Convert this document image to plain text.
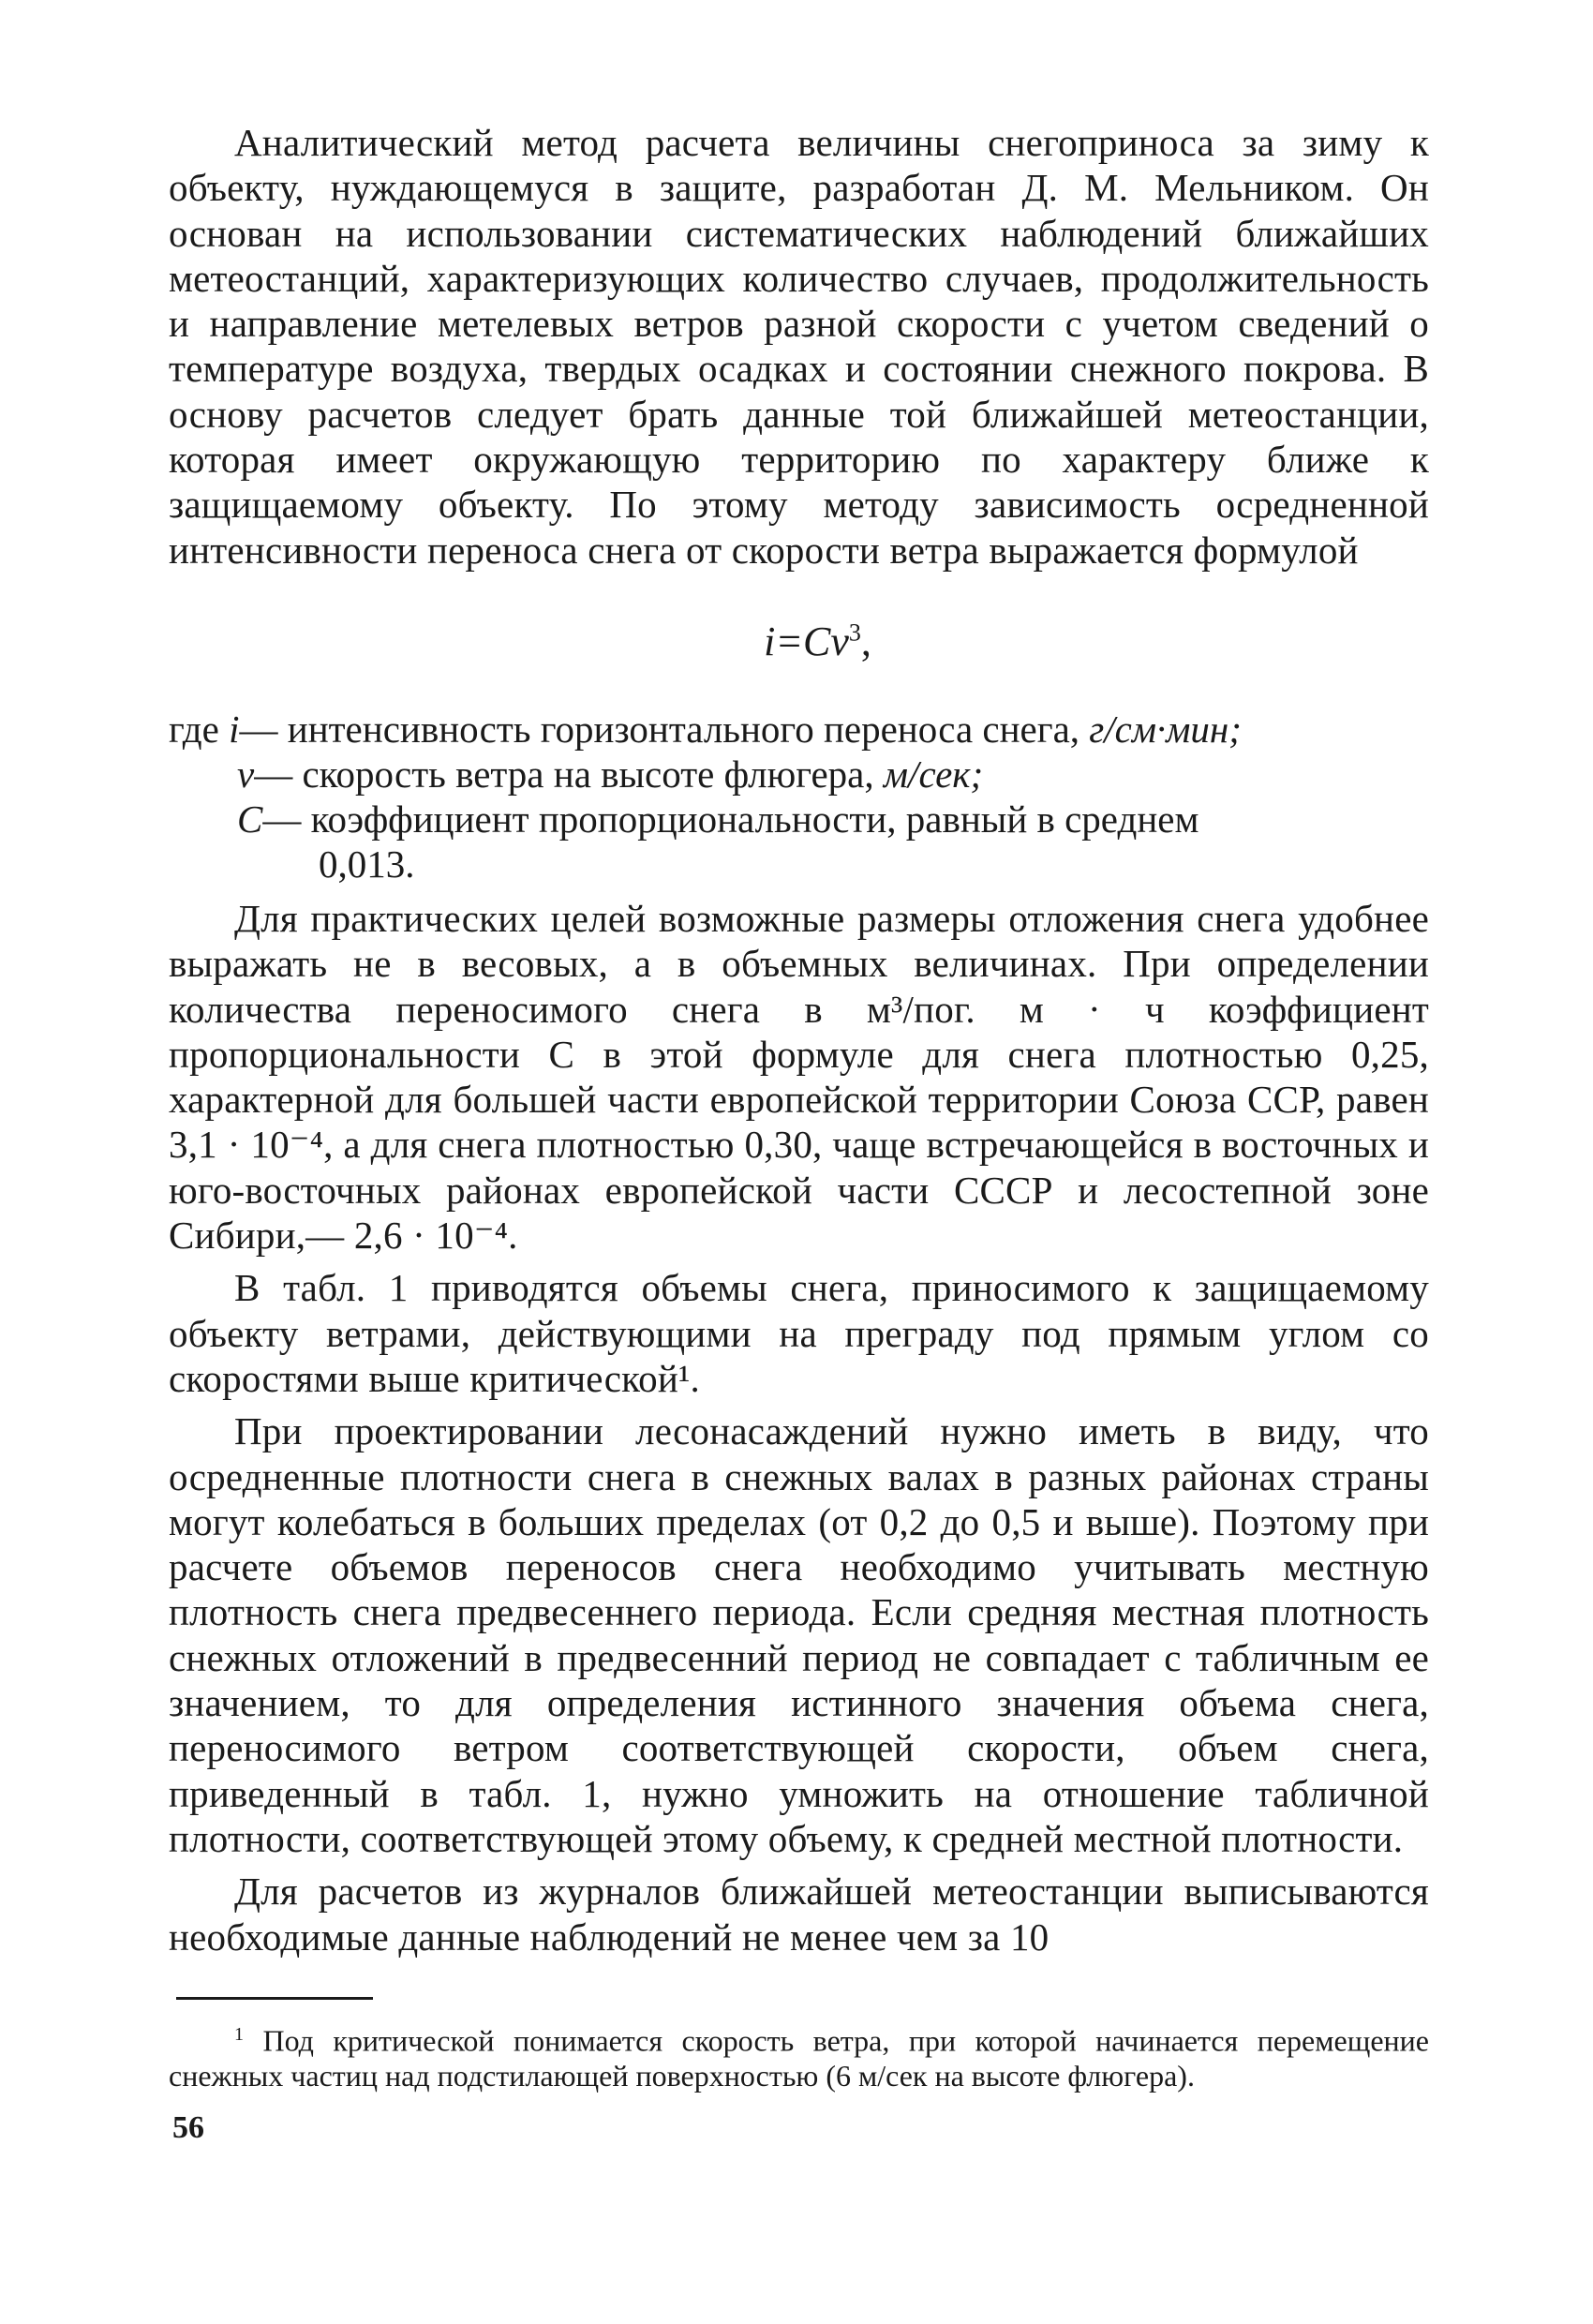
Аналитический метод расчета величины снегоприноса за зиму к объекту, нуждающемуся в защите, разработан Д. М. Мельником. Он основан на использовании систематических наблюдений ближайших метеостанций, характеризующих количество случаев, продолжительность и направление метелевых ветров разной скорости с учетом сведений о температуре воздуха, твердых осадках и состоянии снежного покрова. В основу расчетов следует брать данные той ближайшей метеостанции, которая имеет окружающую территорию по характеру ближе к защищаемому объекту. По этому методу зависимость осредненной интенсивности переноса снега от скорости ветра выражается формулой

$i=Cv^3$,
где i— интенсивность горизонтального переноса снега, г/см·мин;
v— скорость ветра на высоте флюгера, м/сек;
C— коэффициент пропорциональности, равный в среднем
0,013.

Для практических целей возможные размеры отложения снега удобнее выражать не в весовых, а в объемных величинах. При определении количества переносимого снега в м³/пог. м · ч коэффициент пропорциональности C в этой формуле для снега плотностью 0,25, характерной для большей части европейской территории Союза ССР, равен 3,1 · 10⁻⁴, а для снега плотностью 0,30, чаще встречающейся в восточных и юго-восточных районах европейской части СССР и лесостепной зоне Сибири,— 2,6 · 10⁻⁴.

В табл. 1 приводятся объемы снега, приносимого к защищаемому объекту ветрами, действующими на преграду под прямым углом со скоростями выше критической¹.

При проектировании лесонасаждений нужно иметь в виду, что осредненные плотности снега в снежных валах в разных районах страны могут колебаться в больших пределах (от 0,2 до 0,5 и выше). Поэтому при расчете объемов переносов снега необходимо учитывать местную плотность снега предвесеннего периода. Если средняя местная плотность снежных отложений в предвесенний период не совпадает с табличным ее значением, то для определения истинного значения объема снега, переносимого ветром соответствующей скорости, объем снега, приведенный в табл. 1, нужно умножить на отношение табличной плотности, соответствующей этому объему, к средней местной плотности.

Для расчетов из журналов ближайшей метеостанции выписываются необходимые данные наблюдений не менее чем за 10

$^1$ Под критической понимается скорость ветра, при которой начинается перемещение снежных частиц над подстилающей поверхностью (6 м/сек на высоте флюгера).

56
